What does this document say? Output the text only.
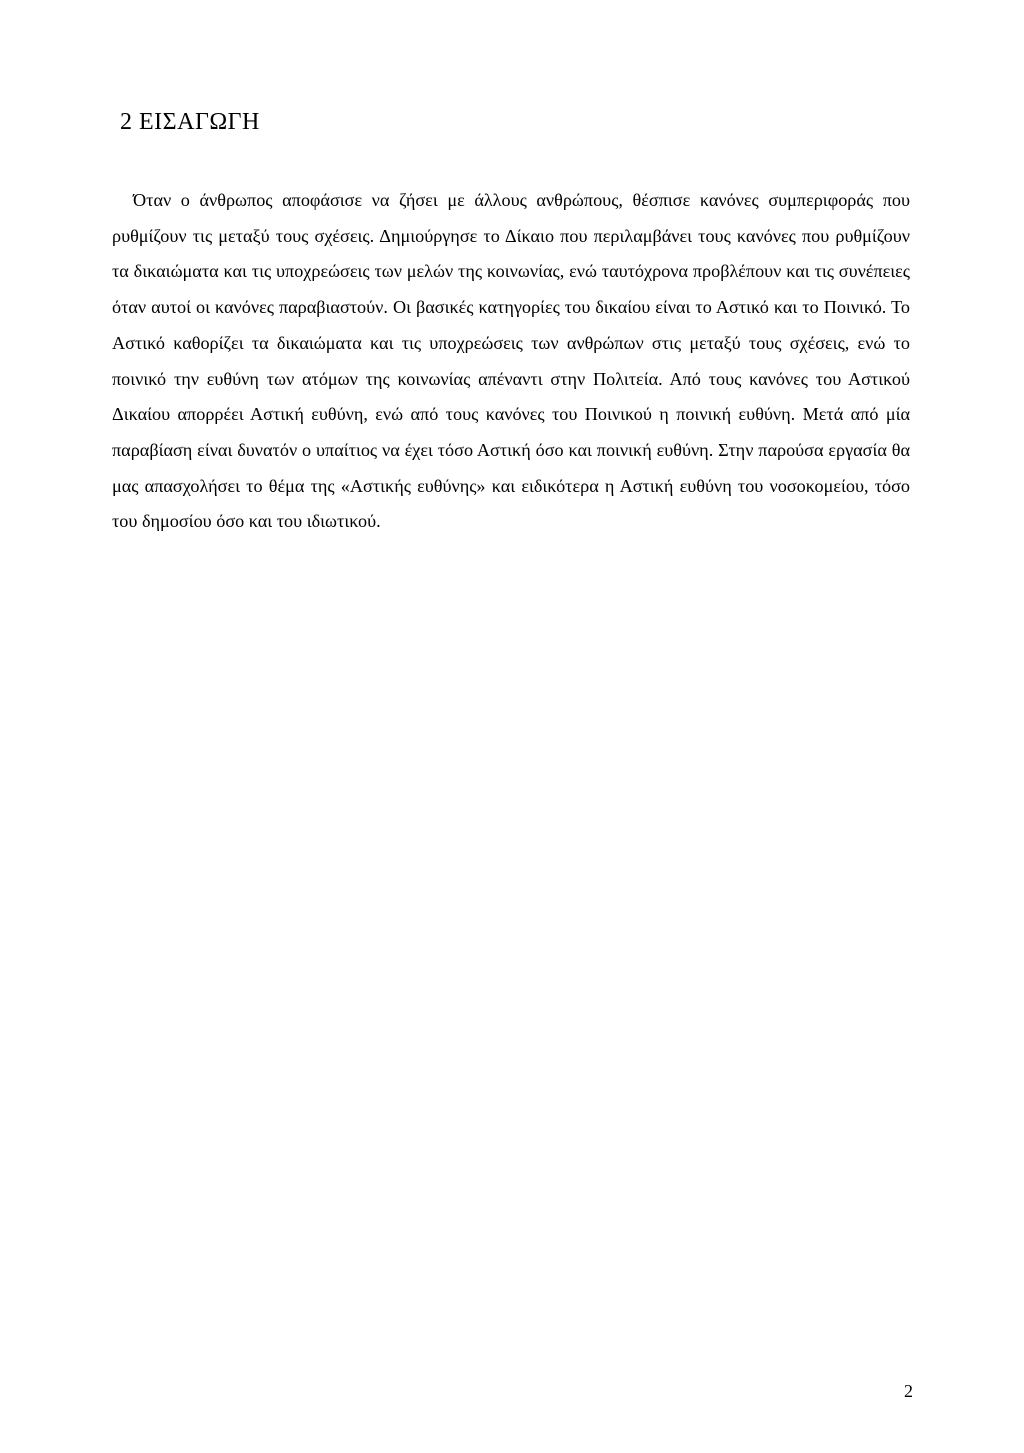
2 ΕΙΣΑΓΩΓΗ

Όταν ο άνθρωπος αποφάσισε να ζήσει με άλλους ανθρώπους, θέσπισε κανόνες συμπεριφοράς που ρυθμίζουν τις μεταξύ τους σχέσεις. Δημιούργησε το Δίκαιο που περιλαμβάνει τους κανόνες που ρυθμίζουν τα δικαιώματα και τις υποχρεώσεις των μελών της κοινωνίας, ενώ ταυτόχρονα προβλέπουν και τις συνέπειες όταν αυτοί οι κανόνες παραβιαστούν. Οι βασικές κατηγορίες του δικαίου είναι το Αστικό και το Ποινικό. Το Αστικό καθορίζει τα δικαιώματα και τις υποχρεώσεις των ανθρώπων στις μεταξύ τους σχέσεις, ενώ το ποινικό την ευθύνη των ατόμων της κοινωνίας απέναντι στην Πολιτεία. Από τους κανόνες του Αστικού Δικαίου απορρέει Αστική ευθύνη, ενώ από τους κανόνες του Ποινικού η ποινική ευθύνη. Μετά από μία παραβίαση είναι δυνατόν ο υπαίτιος να έχει τόσο Αστική όσο και ποινική ευθύνη. Στην παρούσα εργασία θα μας απασχολήσει το θέμα της «Αστικής ευθύνης» και ειδικότερα η Αστική ευθύνη του νοσοκομείου, τόσο του δημοσίου όσο και του ιδιωτικού.

2
